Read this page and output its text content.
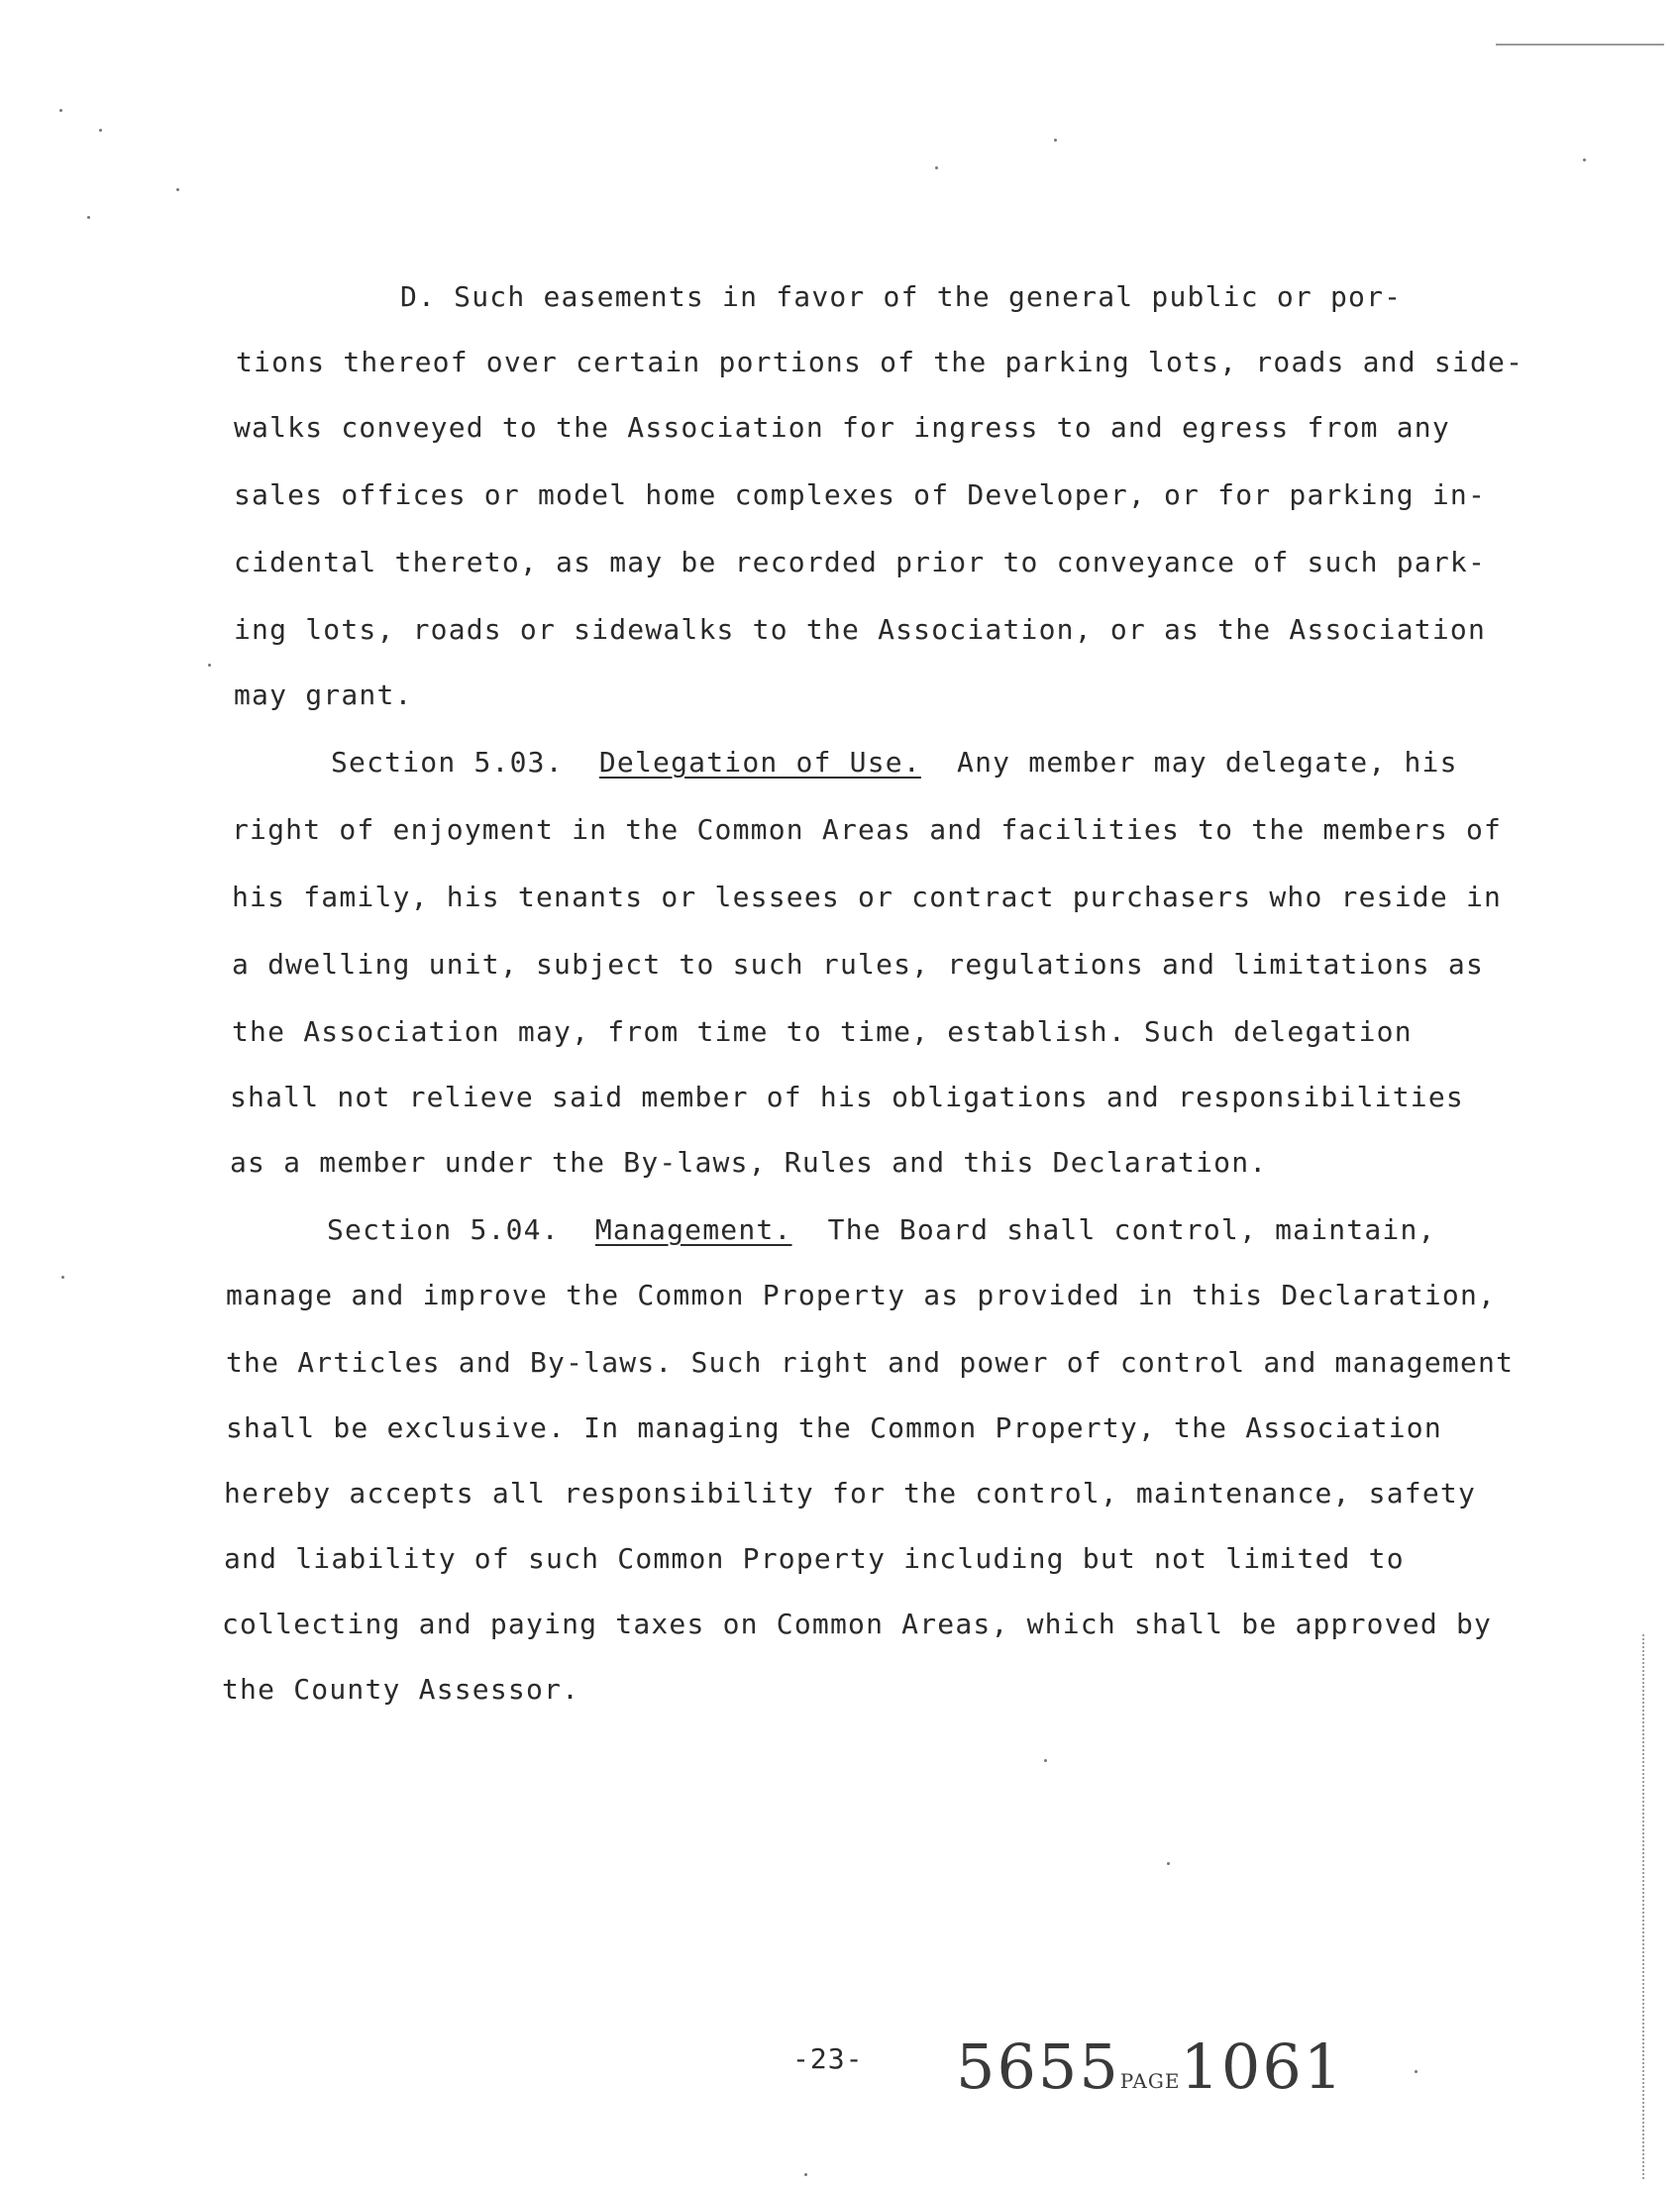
D. Such easements in favor of the general public or por-
tions thereof over certain portions of the parking lots, roads and side-
walks conveyed to the Association for ingress to and egress from any
sales offices or model home complexes of Developer, or for parking in-
cidental thereto, as may be recorded prior to conveyance of such park-
ing lots, roads or sidewalks to the Association, or as the Association
may grant.
Section 5.03. Delegation of Use. Any member may delegate, his
right of enjoyment in the Common Areas and facilities to the members of
his family, his tenants or lessees or contract purchasers who reside in
a dwelling unit, subject to such rules, regulations and limitations as
the Association may, from time to time, establish. Such delegation
shall not relieve said member of his obligations and responsibilities
as a member under the By-laws, Rules and this Declaration.
Section 5.04. Management. The Board shall control, maintain,
manage and improve the Common Property as provided in this Declaration,
the Articles and By-laws. Such right and power of control and management
shall be exclusive. In managing the Common Property, the Association
hereby accepts all responsibility for the control, maintenance, safety
and liability of such Common Property including but not limited to
collecting and paying taxes on Common Areas, which shall be approved by
the County Assessor.
-23- 5655PAGE1061
